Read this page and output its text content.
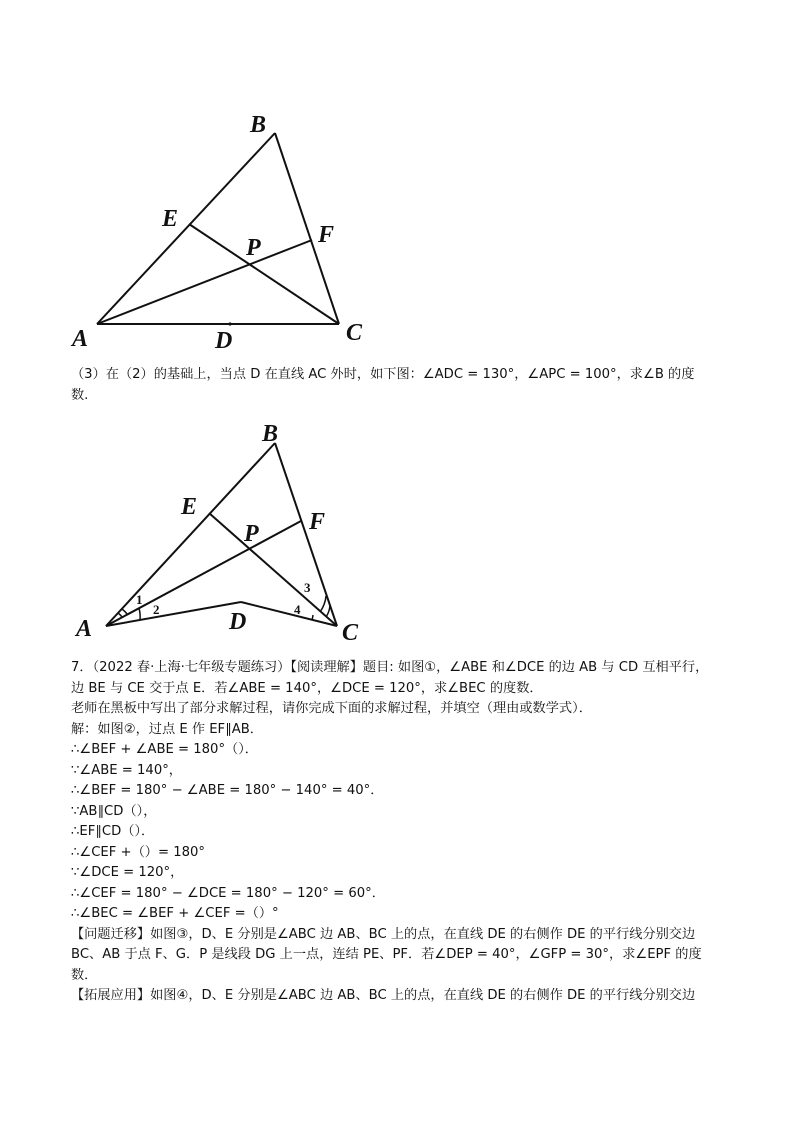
B
E
P F
A	D	C
（3）在（2）的基础上，当点 D 在直线 AC 外时，如下图：∠ADC = 130°，∠APC = 100°，求∠B 的度
数.
B
E
P F
A	D	C
1
2
3
4
7．（2022 春·上海·七年级专题练习）【阅读理解】题目: 如图①，∠ABE 和∠DCE 的边 AB 与 CD 互相平行，
边 BE 与 CE 交于点 E．若∠ABE = 140°，∠DCE = 120°，求∠BEC 的度数．
老师在黑板中写出了部分求解过程，请你完成下面的求解过程，并填空（理由或数学式）．
解：如图②，过点 E 作 EF∥AB．
∴∠BEF + ∠ABE = 180°（）．
∵∠ABE = 140°，
∴∠BEF = 180° − ∠ABE = 180° − 140° = 40°．
∵AB∥CD（），
∴EF∥CD（）．
∴∠CEF +（）= 180°
∵∠DCE = 120°，
∴∠CEF = 180° − ∠DCE = 180° − 120° = 60°．
∴∠BEC = ∠BEF + ∠CEF =（）°
【问题迁移】如图③，D、E 分别是∠ABC 边 AB、BC 上的点，在直线 DE 的右侧作 DE 的平行线分别交边
BC、AB 于点 F、G．P 是线段 DG 上一点，连结 PE、PF．若∠DEP = 40°，∠GFP = 30°，求∠EPF 的度
数．
【拓展应用】如图④，D、E 分别是∠ABC 边 AB、BC 上的点，在直线 DE 的右侧作 DE 的平行线分别交边
